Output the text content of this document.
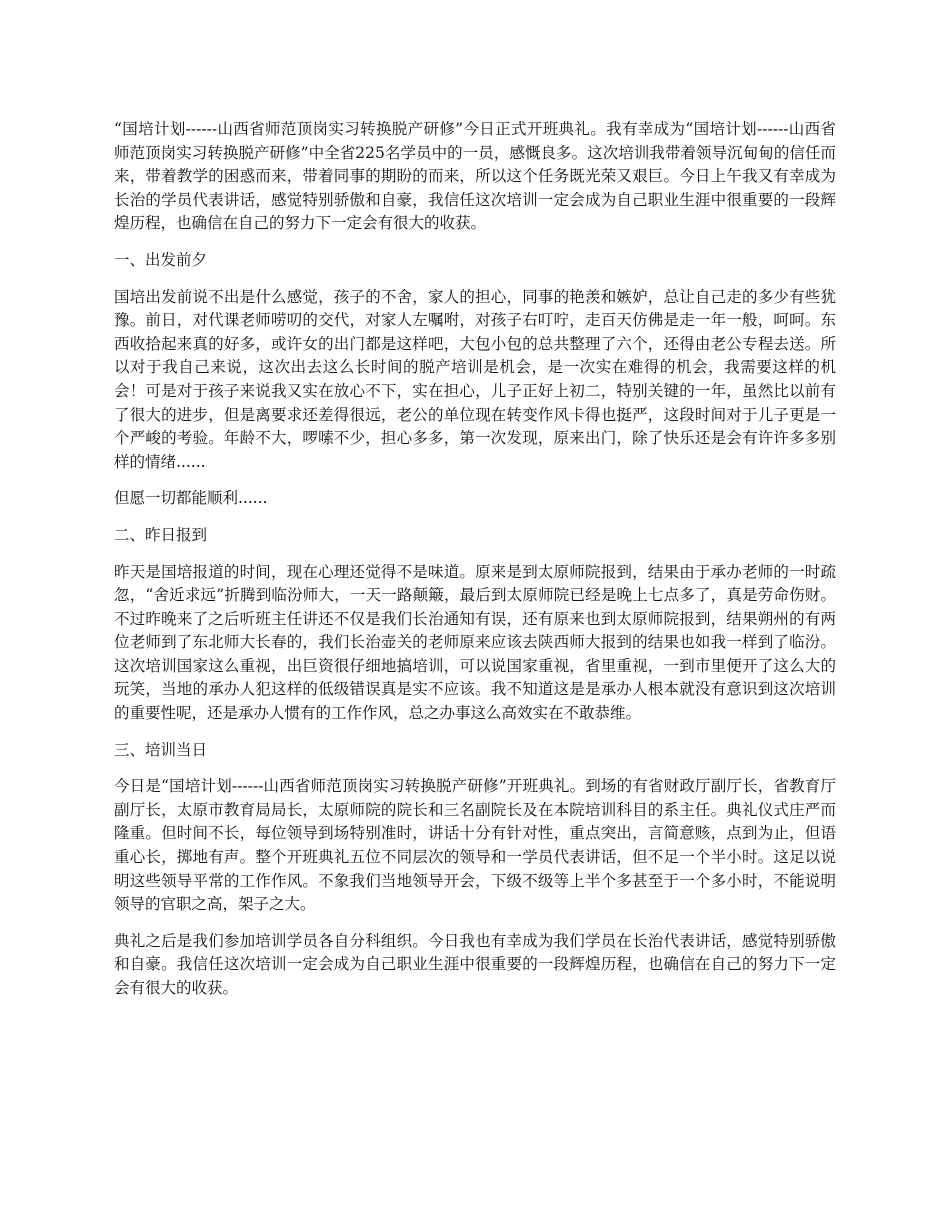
“国培计划------山西省师范顶岗实习转换脱产研修”今日正式开班典礼。我有幸成为“国培计划------山西省师范顶岗实习转换脱产研修”中全省225名学员中的一员，感慨良多。这次培训我带着领导沉甸甸的信任而来，带着教学的困惑而来，带着同事的期盼的而来，所以这个任务既光荣又艰巨。今日上午我又有幸成为长治的学员代表讲话，感觉特别骄傲和自豪，我信任这次培训一定会成为自己职业生涯中很重要的一段辉煌历程，也确信在自己的努力下一定会有很大的收获。

一、出发前夕

国培出发前说不出是什么感觉，孩子的不舍，家人的担心，同事的艳羡和嫉妒，总让自己走的多少有些犹豫。前日，对代课老师唠叨的交代，对家人左嘱咐，对孩子右叮咛，走百天仿佛是走一年一般，呵呵。东西收拾起来真的好多，或许女的出门都是这样吧，大包小包的总共整理了六个，还得由老公专程去送。所以对于我自己来说，这次出去这么长时间的脱产培训是机会，是一次实在难得的机会，我需要这样的机会！可是对于孩子来说我又实在放心不下，实在担心，儿子正好上初二，特别关键的一年，虽然比以前有了很大的进步，但是离要求还差得很远，老公的单位现在转变作风卡得也挺严，这段时间对于儿子更是一个严峻的考验。年龄不大，啰嗦不少，担心多多，第一次发现，原来出门，除了快乐还是会有许许多多别样的情绪......

但愿一切都能顺利......

二、昨日报到

昨天是国培报道的时间，现在心理还觉得不是味道。原来是到太原师院报到，结果由于承办老师的一时疏忽，“舍近求远”折腾到临汾师大，一天一路颠簸，最后到太原师院已经是晚上七点多了，真是劳命伤财。不过昨晚来了之后听班主任讲还不仅是我们长治通知有误，还有原来也到太原师院报到，结果朔州的有两位老师到了东北师大长春的，我们长治壶关的老师原来应该去陕西师大报到的结果也如我一样到了临汾。这次培训国家这么重视，出巨资很仔细地搞培训，可以说国家重视，省里重视，一到市里便开了这么大的玩笑，当地的承办人犯这样的低级错误真是实不应该。我不知道这是是承办人根本就没有意识到这次培训的重要性呢，还是承办人惯有的工作作风，总之办事这么高效实在不敢恭维。

三、培训当日

今日是“国培计划------山西省师范顶岗实习转换脱产研修”开班典礼。到场的有省财政厅副厅长，省教育厅副厅长，太原市教育局局长，太原师院的院长和三名副院长及在本院培训科目的系主任。典礼仪式庄严而隆重。但时间不长，每位领导到场特别准时，讲话十分有针对性，重点突出，言简意赅，点到为止，但语重心长，掷地有声。整个开班典礼五位不同层次的领导和一学员代表讲话，但不足一个半小时。这足以说明这些领导平常的工作作风。不象我们当地领导开会，下级不级等上半个多甚至于一个多小时，不能说明领导的官职之高，架子之大。

典礼之后是我们参加培训学员各自分科组织。今日我也有幸成为我们学员在长治代表讲话，感觉特别骄傲和自豪。我信任这次培训一定会成为自己职业生涯中很重要的一段辉煌历程，也确信在自己的努力下一定会有很大的收获。
